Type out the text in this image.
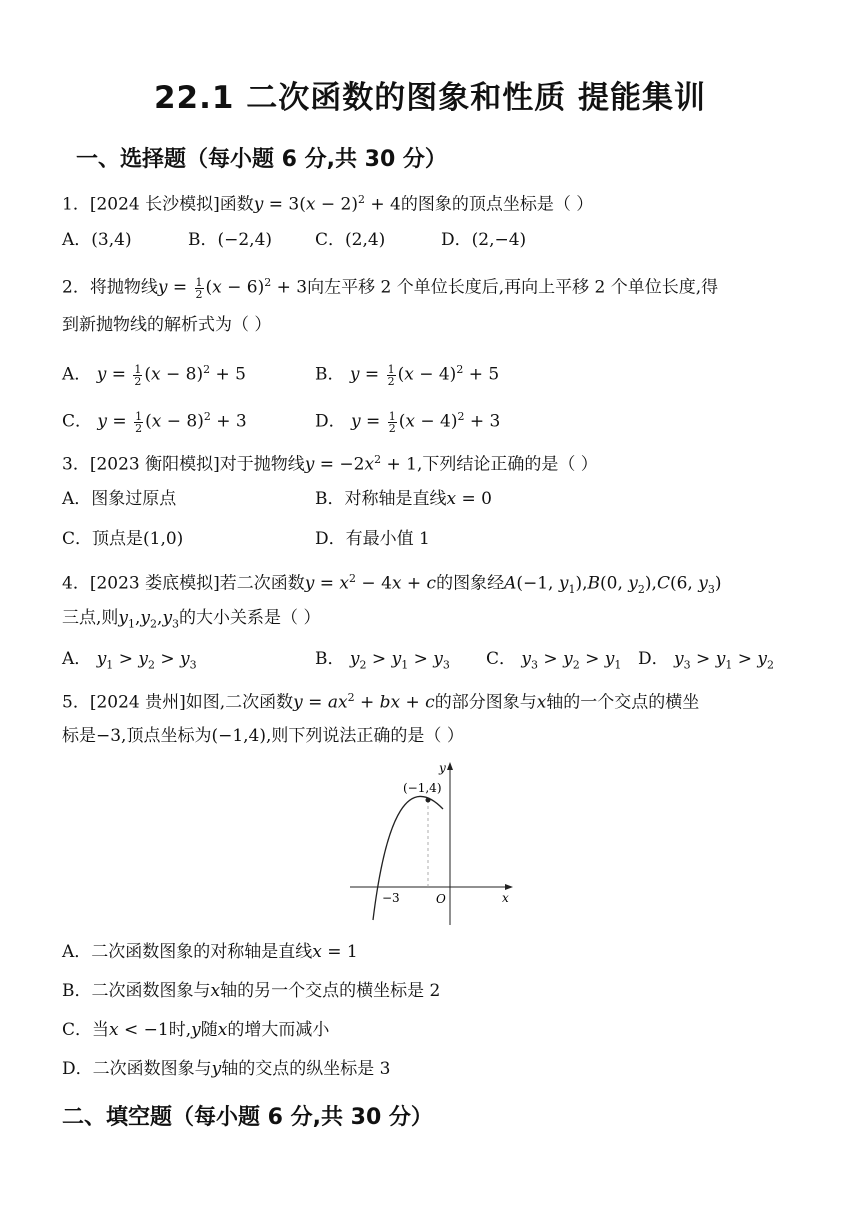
22.1 二次函数的图象和性质 提能集训
一、选择题（每小题 6 分,共 30 分）
1．[2024 长沙模拟]函数$y = 3(x - 2)^2 + 4$的图象的顶点坐标是（ ）
A．(3,4)	B．(−2,4)	C．(2,4)	D．(2,−4)
2．将抛物线$y = \frac{1}{2} (x - 6)^2 + 3$向左平移 2 个单位长度后,再向上平移 2 个单位长度,得
到新抛物线的解析式为（ ）
A． $y = \frac{1}{2} (x - 8)^2 + 5$	B． $y = \frac{1}{2} (x - 4)^2 + 5$
C． $y = \frac{1}{2} (x - 8)^2 + 3$	D． $y = \frac{1}{2} (x - 4)^2 + 3$
3．[2023 衡阳模拟]对于抛物线$y = -2x^2 + 1$,下列结论正确的是（ ）
A．图象过原点	B．对称轴是直线x = 0
C．顶点是(1,0)	D．有最小值 1
4．[2023 娄底模拟]若二次函数$y = x^2 - 4x + c$的图象经A(−1, $y_1),B(0$, $y_2),C(6$, $y_3$)
三点,则$y_1,y_2,y_3$的大小关系是（ ）
A． $y_1 > y_2 > y_3$	B． $y_2 > y_1 > y_3$ C． $y_3 > y_2 > y_1$ D． $y_3 > y_1 > y_2$
5．[2024 贵州]如图,二次函数$y = ax^2$ + bx + c的部分图象与x轴的一个交点的横坐
标是−3,顶点坐标为(−1,4),则下列说法正确的是（ ）
(−1,4)
−3	O	x
y
A．二次函数图象的对称轴是直线x = 1
B．二次函数图象与x轴的另一个交点的横坐标是 2
C．当x < −1时,y随x的增大而减小
D．二次函数图象与y轴的交点的纵坐标是 3
二、填空题（每小题 6 分,共 30 分）
